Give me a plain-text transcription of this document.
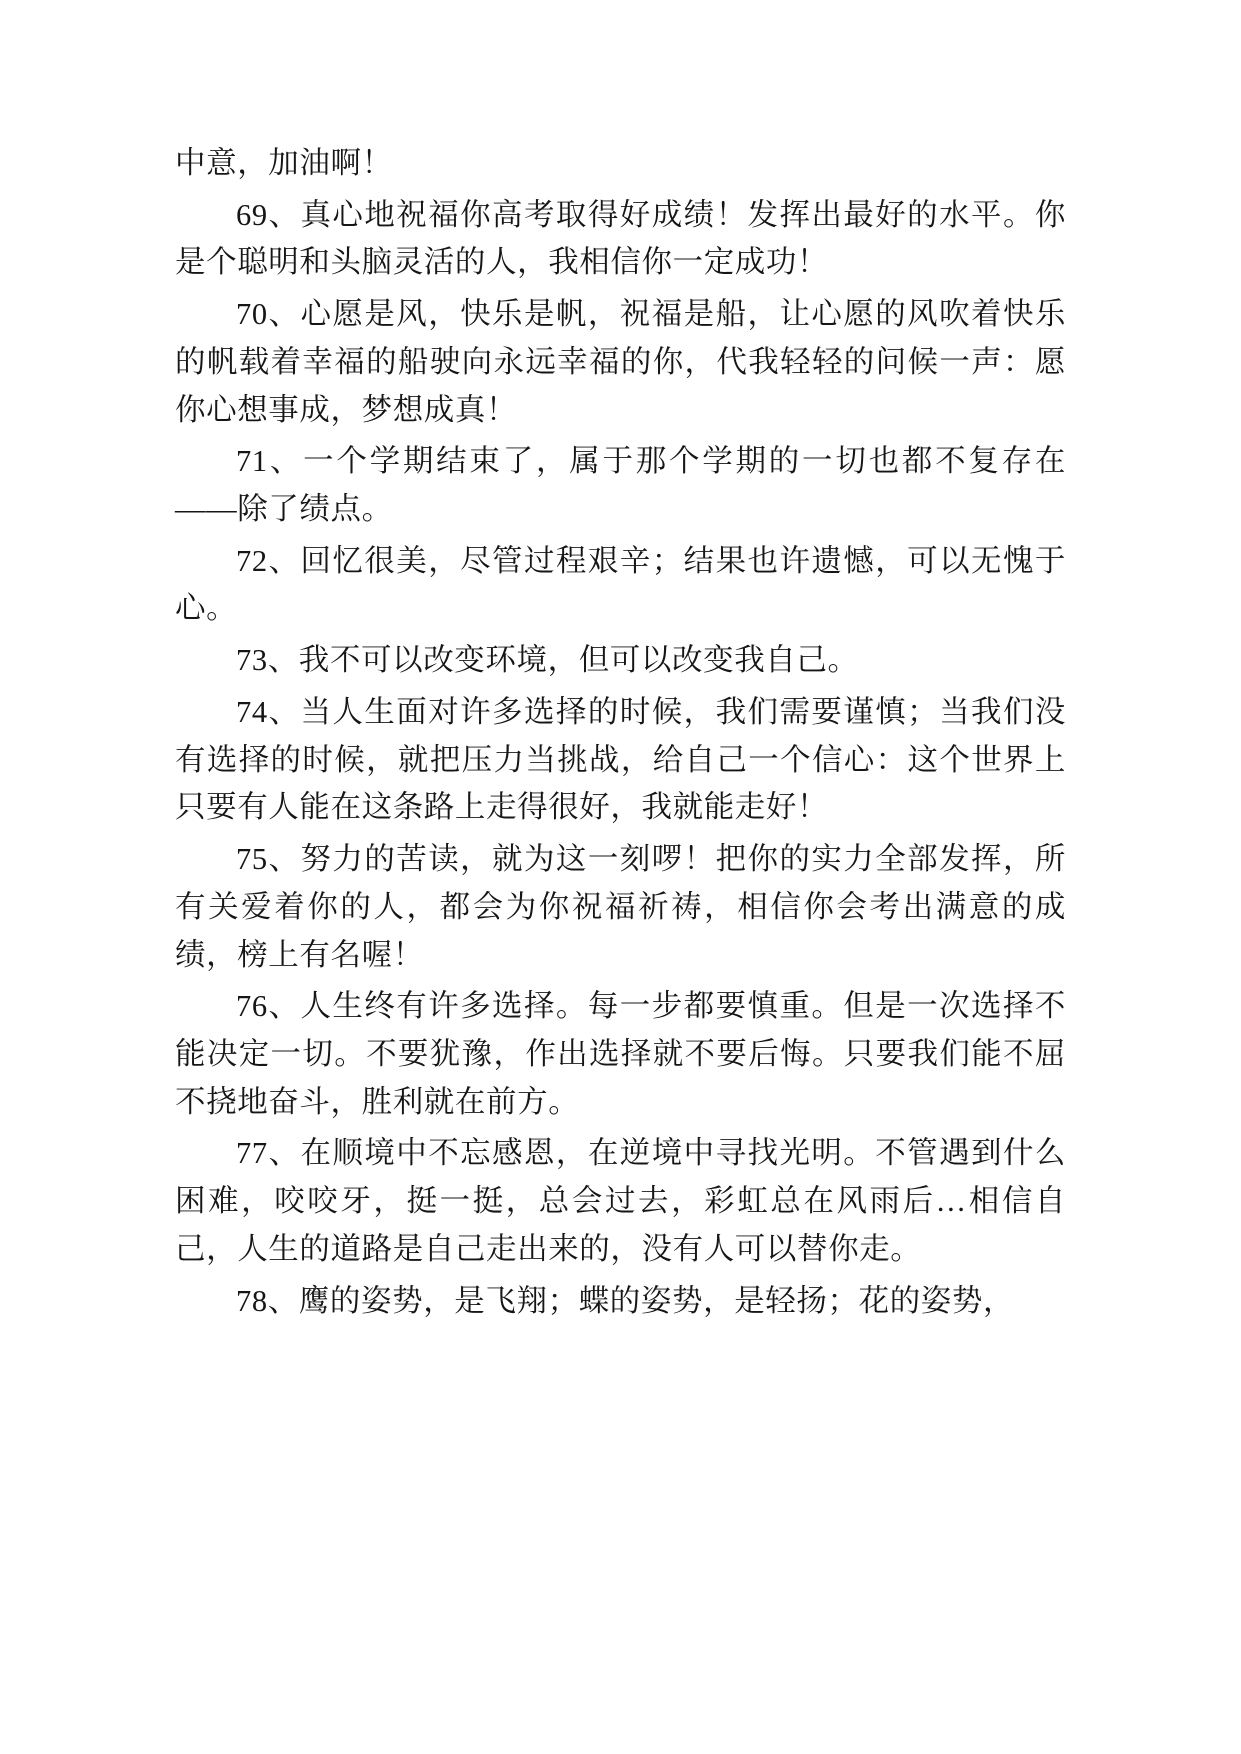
中意，加油啊！

69、真心地祝福你高考取得好成绩！发挥出最好的水平。你是个聪明和头脑灵活的人，我相信你一定成功！

70、心愿是风，快乐是帆，祝福是船，让心愿的风吹着快乐的帆载着幸福的船驶向永远幸福的你，代我轻轻的问候一声：愿你心想事成，梦想成真！

71、一个学期结束了，属于那个学期的一切也都不复存在——除了绩点。

72、回忆很美，尽管过程艰辛；结果也许遗憾，可以无愧于心。

73、我不可以改变环境，但可以改变我自己。

74、当人生面对许多选择的时候，我们需要谨慎；当我们没有选择的时候，就把压力当挑战，给自己一个信心：这个世界上只要有人能在这条路上走得很好，我就能走好！

75、努力的苦读，就为这一刻啰！把你的实力全部发挥，所有关爱着你的人，都会为你祝福祈祷，相信你会考出满意的成绩，榜上有名喔！

76、人生终有许多选择。每一步都要慎重。但是一次选择不能决定一切。不要犹豫，作出选择就不要后悔。只要我们能不屈不挠地奋斗，胜利就在前方。

77、在顺境中不忘感恩，在逆境中寻找光明。不管遇到什么困难，咬咬牙，挺一挺，总会过去，彩虹总在风雨后…相信自己，人生的道路是自己走出来的，没有人可以替你走。

78、鹰的姿势，是飞翔；蝶的姿势，是轻扬；花的姿势，
